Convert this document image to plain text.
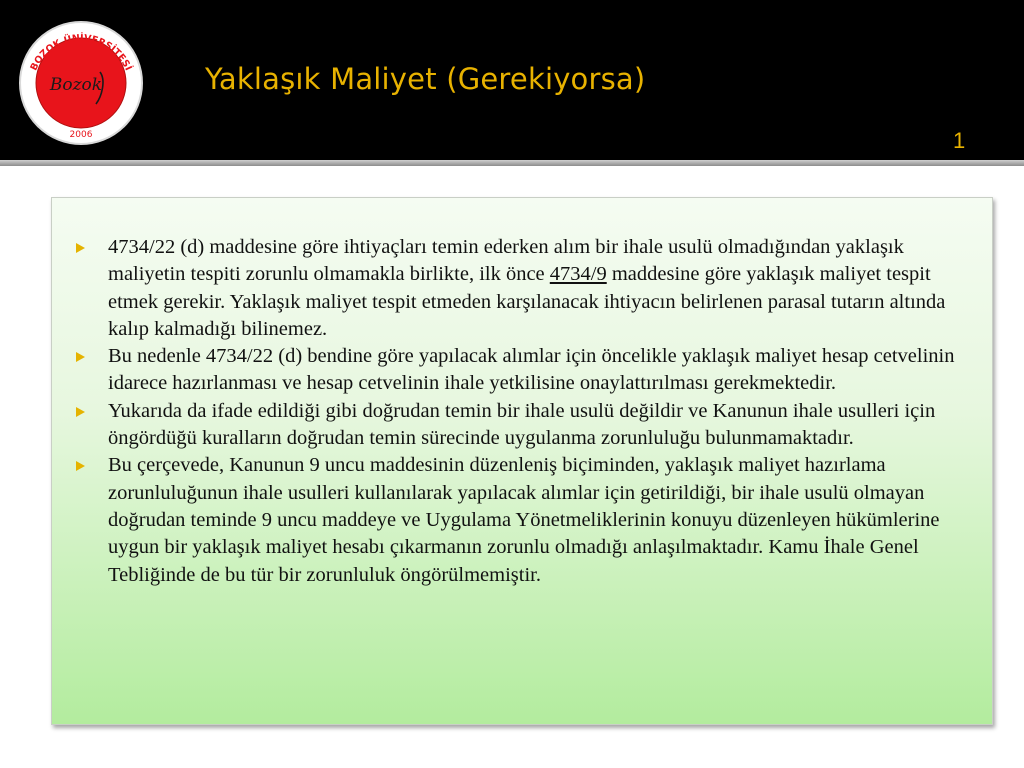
BOZOK ÜNİVERSİTESİ
2006
Bozok	Yaklaşık Maliyet (Gerekiyorsa)
1
4734/22 (d) maddesine göre ihtiyaçları temin ederken alım bir ihale usulü olmadığından yaklaşık maliyetin tespiti zorunlu olmamakla birlikte, ilk önce 4734/9 maddesine göre yaklaşık maliyet tespit etmek gerekir. Yaklaşık maliyet tespit etmeden karşılanacak ihtiyacın belirlenen parasal tutarın altında kalıp kalmadığı bilinemez.
Bu nedenle 4734/22 (d) bendine göre yapılacak alımlar için öncelikle yaklaşık maliyet hesap cetvelinin idarece hazırlanması ve hesap cetvelinin ihale yetkilisine onaylattırılması gerekmektedir.
Yukarıda da ifade edildiği gibi doğrudan temin bir ihale usulü değildir ve Kanunun ihale usulleri için öngördüğü kuralların doğrudan temin sürecinde uygulanma zorunluluğu bulunmamaktadır.
Bu çerçevede, Kanunun 9 uncu maddesinin düzenleniş biçiminden, yaklaşık maliyet hazırlama zorunluluğunun ihale usulleri kullanılarak yapılacak alımlar için getirildiği, bir ihale usulü olmayan doğrudan teminde 9 uncu maddeye ve Uygulama Yönetmeliklerinin konuyu düzenleyen hükümlerine uygun bir yaklaşık maliyet hesabı çıkarmanın zorunlu olmadığı anlaşılmaktadır. Kamu İhale Genel Tebliğinde de bu tür bir zorunluluk öngörülmemiştir.
